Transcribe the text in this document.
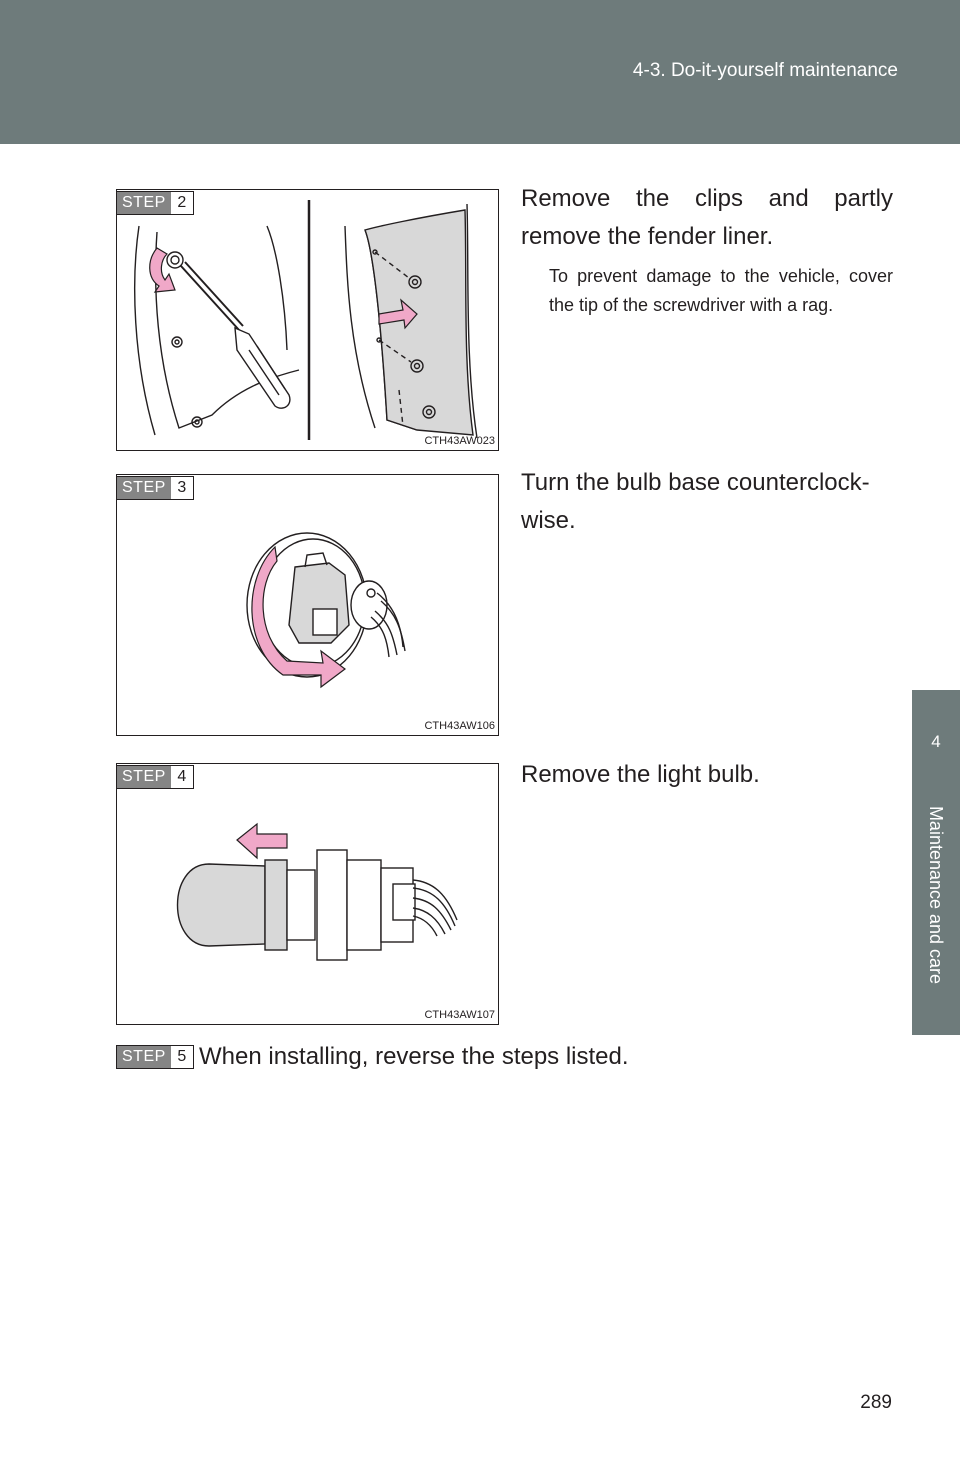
4-3. Do-it-yourself maintenance
4
Maintenance and care
CTH43AW023
STEP 2	Remove the clips and partly remove the fender liner.
To prevent damage to the vehicle, cover the tip of the screwdriver with a rag.
CTH43AW106
STEP 3	Turn the bulb base counterclock-wise.
CTH43AW107
STEP 4	Remove the light bulb.
STEP 5 When installing, reverse the steps listed.
289
